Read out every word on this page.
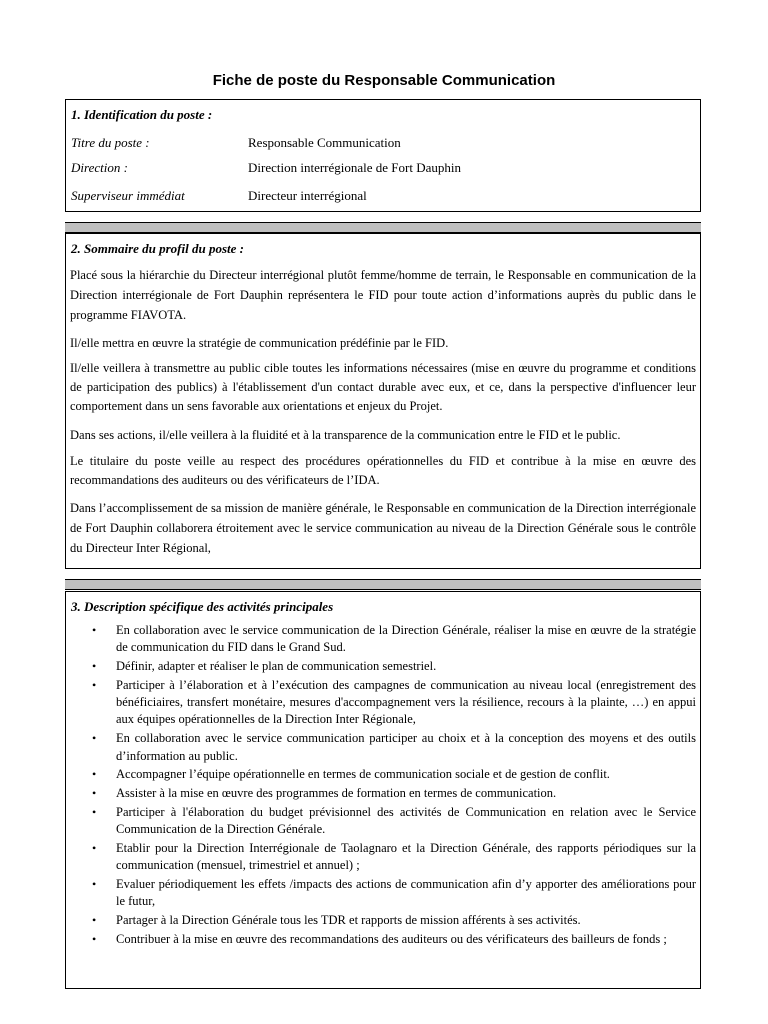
Fiche de poste du Responsable Communication
1. Identification du poste :
Titre du poste :	Responsable Communication
Direction :	Direction interrégionale de Fort Dauphin
Superviseur immédiat	Directeur interrégional
2. Sommaire du profil du poste :
Placé sous la hiérarchie du Directeur interrégional plutôt femme/homme de terrain, le Responsable en communication de la Direction interrégionale de Fort Dauphin représentera le FID pour toute action d’informations auprès du public dans le programme FIAVOTA.
Il/elle mettra en œuvre la stratégie de communication prédéfinie par le FID.
Il/elle veillera à transmettre au public cible toutes les informations nécessaires (mise en œuvre du programme et conditions de participation des publics) à l'établissement d'un contact durable avec eux, et ce, dans la perspective d'influencer leur comportement dans un sens favorable aux orientations et enjeux du Projet.
Dans ses actions, il/elle veillera à la fluidité et à la transparence de la communication entre le FID et le public.
Le titulaire du poste veille au respect des procédures opérationnelles du FID et contribue à la mise en œuvre des recommandations des auditeurs ou des vérificateurs de l’IDA.
Dans l’accomplissement de sa mission de manière générale, le Responsable en communication de la Direction interrégionale de Fort Dauphin collaborera étroitement avec le service communication au niveau de la Direction Générale sous le contrôle du Directeur Inter Régional,
3. Description spécifique des activités principales
• En collaboration avec le service communication de la Direction Générale, réaliser la mise en œuvre de la stratégie de communication du FID dans le Grand Sud.
• Définir, adapter et réaliser le plan de communication semestriel.
• Participer à l’élaboration et à l’exécution des campagnes de communication au niveau local (enregistrement des bénéficiaires, transfert monétaire, mesures d'accompagnement vers la résilience, recours à la plainte, …) en appui aux équipes opérationnelles de la Direction Inter Régionale,
• En collaboration avec le service communication participer au choix et à la conception des moyens et des outils d’information au public.
• Accompagner l’équipe opérationnelle en termes de communication sociale et de gestion de conflit.
• Assister à la mise en œuvre des programmes de formation en termes de communication.
• Participer à l'élaboration du budget prévisionnel des activités de Communication en relation avec le Service Communication de la Direction Générale.
• Etablir pour la Direction Interrégionale de Taolagnaro et la Direction Générale, des rapports périodiques sur la communication (mensuel, trimestriel et annuel) ;
• Evaluer périodiquement les effets /impacts des actions de communication afin d’y apporter des améliorations pour le futur,
• Partager à la Direction Générale tous les TDR et rapports de mission afférents à ses activités.
• Contribuer à la mise en œuvre des recommandations des auditeurs ou des vérificateurs des bailleurs de fonds ;
